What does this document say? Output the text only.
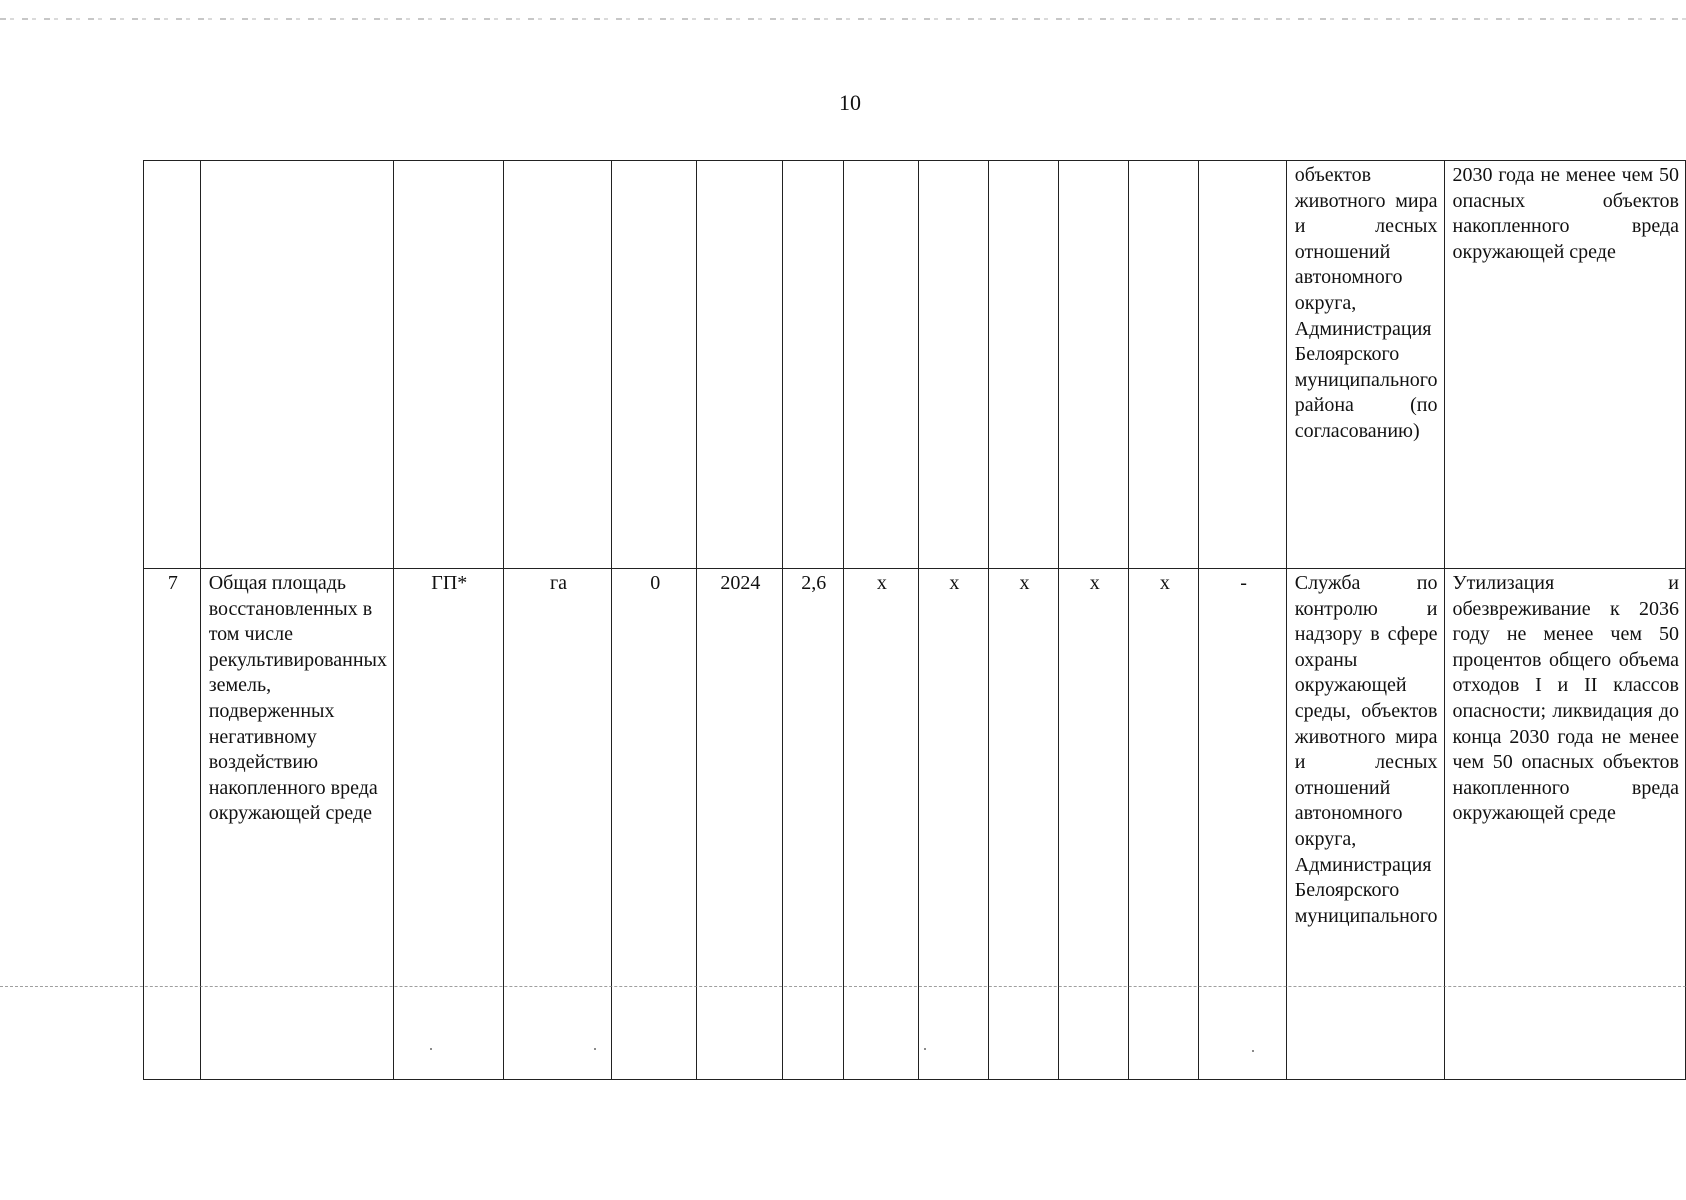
10
													объектов животного мира и лесных отношений автономного округа, Администрация Белоярского муниципального района (по согласованию)	2030 года не менее чем 50 опасных объектов накопленного вреда окружающей среде
7	Общая площадь восстановленных в том числе рекультивированных земель, подверженных негативному воздействию накопленного вреда окружающей среде	ГП*	га	0	2024	2,6	х	х	х	х	х	-	Служба по контролю и надзору в сфере охраны окружающей среды, объектов животного мира и лесных отношений автономного округа, Администрация Белоярского муниципального	Утилизация и обезвреживание к 2036 году не менее чем 50 процентов общего объема отходов I и II классов опасности; ликвидация до конца 2030 года не менее чем 50 опасных объектов накопленного вреда окружающей среде
